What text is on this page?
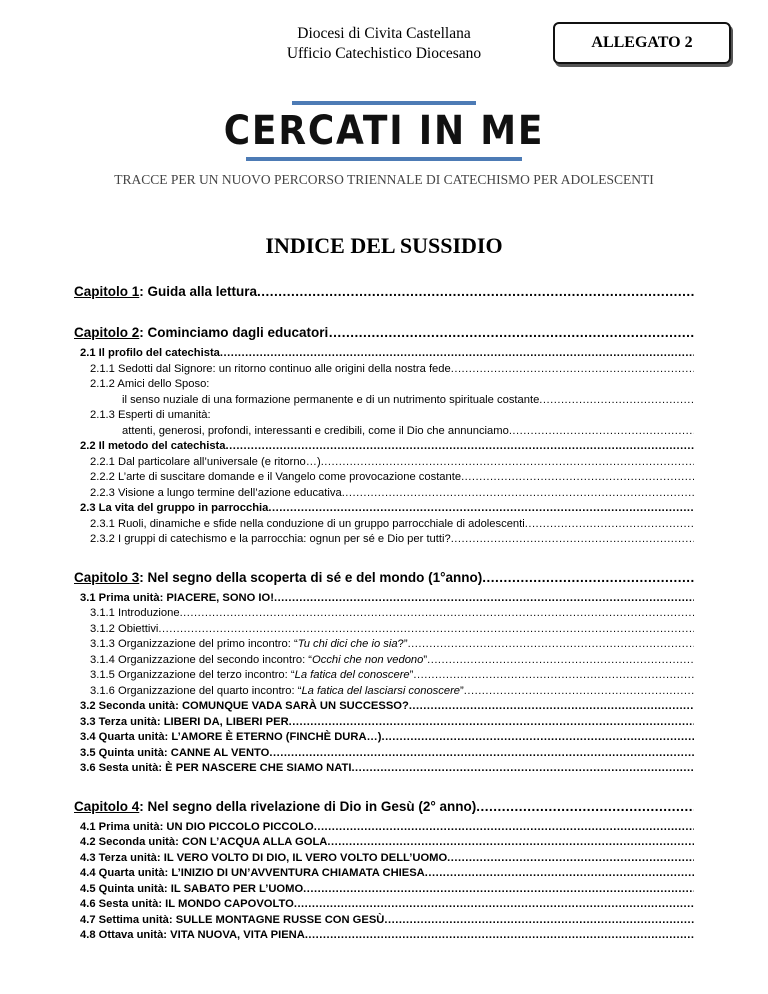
Diocesi di Civita Castellana
Ufficio Catechistico Diocesano
ALLEGATO 2
CERCATI IN ME
TRACCE PER UN NUOVO PERCORSO TRIENNALE DI CATECHISMO PER ADOLESCENTI
INDICE DEL SUSSIDIO
Capitolo 1: Guida alla lettura
.....
Capitolo 2: Cominciamo dagli educatori…
.....
2.1 Il profilo del catechista
.....
2.1.1 Sedotti dal Signore: un ritorno continuo alle origini della nostra fede
.....
2.1.2 Amici dello Sposo:
il senso nuziale di una formazione permanente e di un nutrimento spirituale costante
.....
2.1.3 Esperti di umanità:
attenti, generosi, profondi, interessanti e credibili, come il Dio che annunciamo
.....
2.2 Il metodo del catechista
.....
2.2.1 Dal particolare all’universale (e ritorno…)
.....
2.2.2 L’arte di suscitare domande e il Vangelo come provocazione costante
.....
2.2.3 Visione a lungo termine dell’azione educativa
.....
2.3 La vita del gruppo in parrocchia
.....
2.3.1 Ruoli, dinamiche e sfide nella conduzione di un gruppo parrocchiale di adolescenti
.....
2.3.2 I gruppi di catechismo e la parrocchia: ognun per sé e Dio per tutti?
.....
Capitolo 3: Nel segno della scoperta di sé e del mondo (1°anno)
.....
3.1 Prima unità: PIACERE, SONO IO!
.....
3.1.1 Introduzione
.....
3.1.2 Obiettivi
.....
3.1.3 Organizzazione del primo incontro: “Tu chi dici che io sia?”
.....
3.1.4 Organizzazione del secondo incontro: “Occhi che non vedono”
.....
3.1.5 Organizzazione del terzo incontro: “La fatica del conoscere”
.....
3.1.6 Organizzazione del quarto incontro: “La fatica del lasciarsi conoscere”
.....
3.2 Seconda unità: COMUNQUE VADA SARÀ UN SUCCESSO?
.....
3.3 Terza unità: LIBERI DA, LIBERI PER
.....
3.4 Quarta unità: L’AMORE È ETERNO (FINCHÈ DURA…)
.....
3.5 Quinta unità: CANNE AL VENTO
.....
3.6 Sesta unità: È PER NASCERE CHE SIAMO NATI
.....
Capitolo 4: Nel segno della rivelazione di Dio in Gesù (2° anno)
.....
4.1 Prima unità: UN DIO PICCOLO PICCOLO
.....
4.2 Seconda unità: CON L’ACQUA ALLA GOLA
.....
4.3 Terza unità: IL VERO VOLTO DI DIO, IL VERO VOLTO DELL’UOMO
.....
4.4 Quarta unità: L’INIZIO DI UN’AVVENTURA CHIAMATA CHIESA
.....
4.5 Quinta unità: IL SABATO PER L’UOMO
.....
4.6 Sesta unità: IL MONDO CAPOVOLTO
.....
4.7 Settima unità: SULLE MONTAGNE RUSSE CON GESÙ
.....
4.8 Ottava unità: VITA NUOVA, VITA PIENA
.....
